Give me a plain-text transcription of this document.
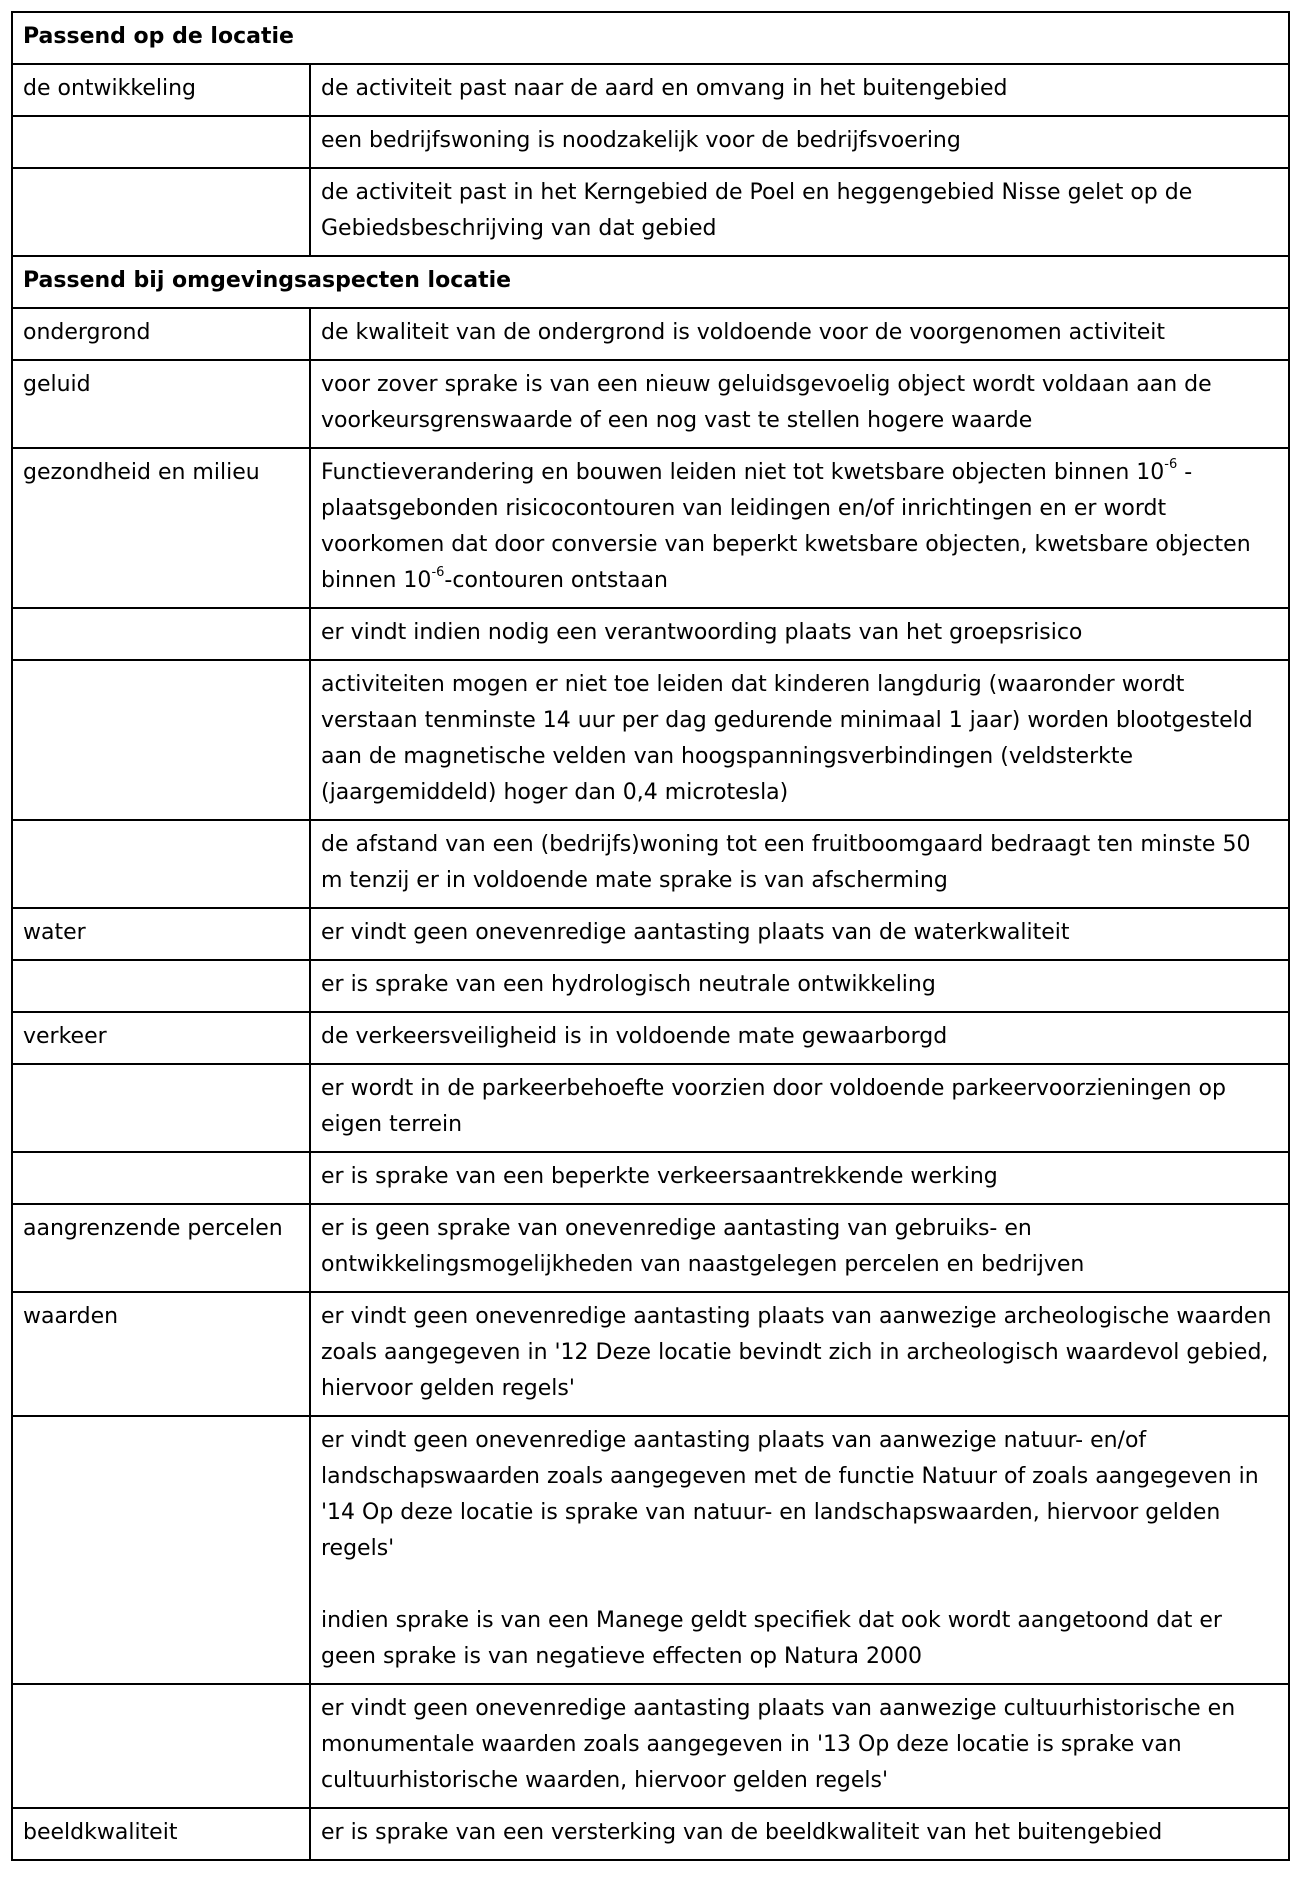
Passend op de locatie	
de ontwikkeling	de activiteit past naar de aard en omvang in het buitengebied
	een bedrijfswoning is noodzakelijk voor de bedrijfsvoering
	de activiteit past in het Kerngebied de Poel en heggengebied Nisse gelet op de Gebiedsbeschrijving van dat gebied
Passend bij omgevingsaspecten locatie	
ondergrond	de kwaliteit van de ondergrond is voldoende voor de voorgenomen activiteit
geluid	voor zover sprake is van een nieuw geluidsgevoelig object wordt voldaan aan de voorkeursgrenswaarde of een nog vast te stellen hogere waarde
gezondheid en milieu	Functieverandering en bouwen leiden niet tot kwetsbare objecten binnen $10^{-6}$ -plaatsgebonden risicocontouren van leidingen en/of inrichtingen en er wordt voorkomen dat door conversie van beperkt kwetsbare objecten, kwetsbare objecten binnen $10^{-6}$-contouren ontstaan
	er vindt indien nodig een verantwoording plaats van het groepsrisico
	activiteiten mogen er niet toe leiden dat kinderen langdurig (waaronder wordt verstaan tenminste 14 uur per dag gedurende minimaal 1 jaar) worden blootgesteld aan de magnetische velden van hoogspanningsverbindingen (veldsterkte (jaargemiddeld) hoger dan 0,4 microtesla)
	de afstand van een (bedrijfs)woning tot een fruitboomgaard bedraagt ten minste 50 m tenzij er in voldoende mate sprake is van afscherming
water	er vindt geen onevenredige aantasting plaats van de waterkwaliteit
	er is sprake van een hydrologisch neutrale ontwikkeling
verkeer	de verkeersveiligheid is in voldoende mate gewaarborgd
	er wordt in de parkeerbehoefte voorzien door voldoende parkeervoorzieningen op eigen terrein
	er is sprake van een beperkte verkeersaantrekkende werking
aangrenzende percelen	er is geen sprake van onevenredige aantasting van gebruiks- en ontwikkelingsmogelijkheden van naastgelegen percelen en bedrijven
waarden	er vindt geen onevenredige aantasting plaats van aanwezige archeologische waarden zoals aangegeven in '12 Deze locatie bevindt zich in archeologisch waardevol gebied, hiervoor gelden regels'

	er vindt geen onevenredige aantasting plaats van aanwezige natuur- en/of landschapswaarden zoals aangegeven met de functie Natuur of zoals aangegeven in '14 Op deze locatie is sprake van natuur- en landschapswaarden, hiervoor gelden regels'
indien sprake is van een Manege geldt specifiek dat ook wordt aangetoond dat er geen sprake is van negatieve effecten op Natura 2000

	er vindt geen onevenredige aantasting plaats van aanwezige cultuurhistorische en monumentale waarden zoals aangegeven in '13 Op deze locatie is sprake van cultuurhistorische waarden, hiervoor gelden regels'
beeldkwaliteit	er is sprake van een versterking van de beeldkwaliteit van het buitengebied
